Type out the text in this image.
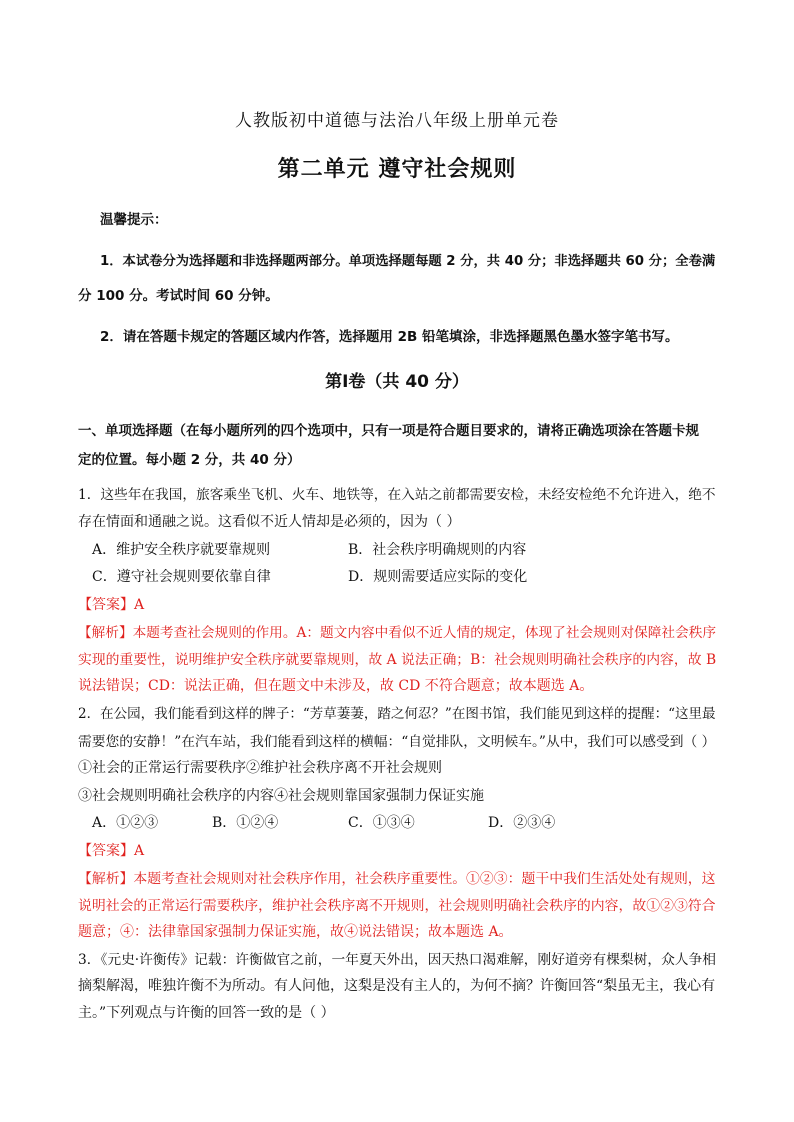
人教版初中道德与法治八年级上册单元卷
第二单元 遵守社会规则
温馨提示：
1．本试卷分为选择题和非选择题两部分。单项选择题每题 2 分，共 40 分；非选择题共 60 分；全卷满
分 100 分。考试时间 60 分钟。
2．请在答题卡规定的答题区域内作答，选择题用 2B 铅笔填涂，非选择题黑色墨水签字笔书写。
第Ⅰ卷（共 40 分）
一、单项选择题（在每小题所列的四个选项中，只有一项是符合题目要求的，请将正确选项涂在答题卡规
定的位置。每小题 2 分，共 40 分）
1．这些年在我国，旅客乘坐飞机、火车、地铁等，在入站之前都需要安检，未经安检绝不允许进入，绝不
存在情面和通融之说。这看似不近人情却是必须的，因为（ ）
A．维护安全秩序就要靠规则	B．社会秩序明确规则的内容
C．遵守社会规则要依靠自律	D．规则需要适应实际的变化
【答案】A
【解析】本题考查社会规则的作用。A：题文内容中看似不近人情的规定，体现了社会规则对保障社会秩序
实现的重要性，说明维护安全秩序就要靠规则，故 A 说法正确；B：社会规则明确社会秩序的内容，故 B
说法错误；CD：说法正确，但在题文中未涉及，故 CD 不符合题意；故本题选 A。
2．在公园，我们能看到这样的牌子：“芳草萋萋，踏之何忍？”在图书馆，我们能见到这样的提醒：“这里最
需要您的安静！”在汽车站，我们能看到这样的横幅：“自觉排队，文明候车。”从中，我们可以感受到（ ）
①社会的正常运行需要秩序②维护社会秩序离不开社会规则
③社会规则明确社会秩序的内容④社会规则靠国家强制力保证实施
A．①②③	B．①②④	C．①③④	D．②③④
【答案】A
【解析】本题考查社会规则对社会秩序作用，社会秩序重要性。①②③：题干中我们生活处处有规则，这
说明社会的正常运行需要秩序，维护社会秩序离不开规则，社会规则明确社会秩序的内容，故①②③符合
题意；④：法律靠国家强制力保证实施，故④说法错误；故本题选 A。
3．《元史·许衡传》记载：许衡做官之前，一年夏天外出，因天热口渴难解，刚好道旁有棵梨树，众人争相
摘梨解渴，唯独许衡不为所动。有人问他，这梨是没有主人的，为何不摘？许衡回答“梨虽无主，我心有
主。”下列观点与许衡的回答一致的是（ ）
